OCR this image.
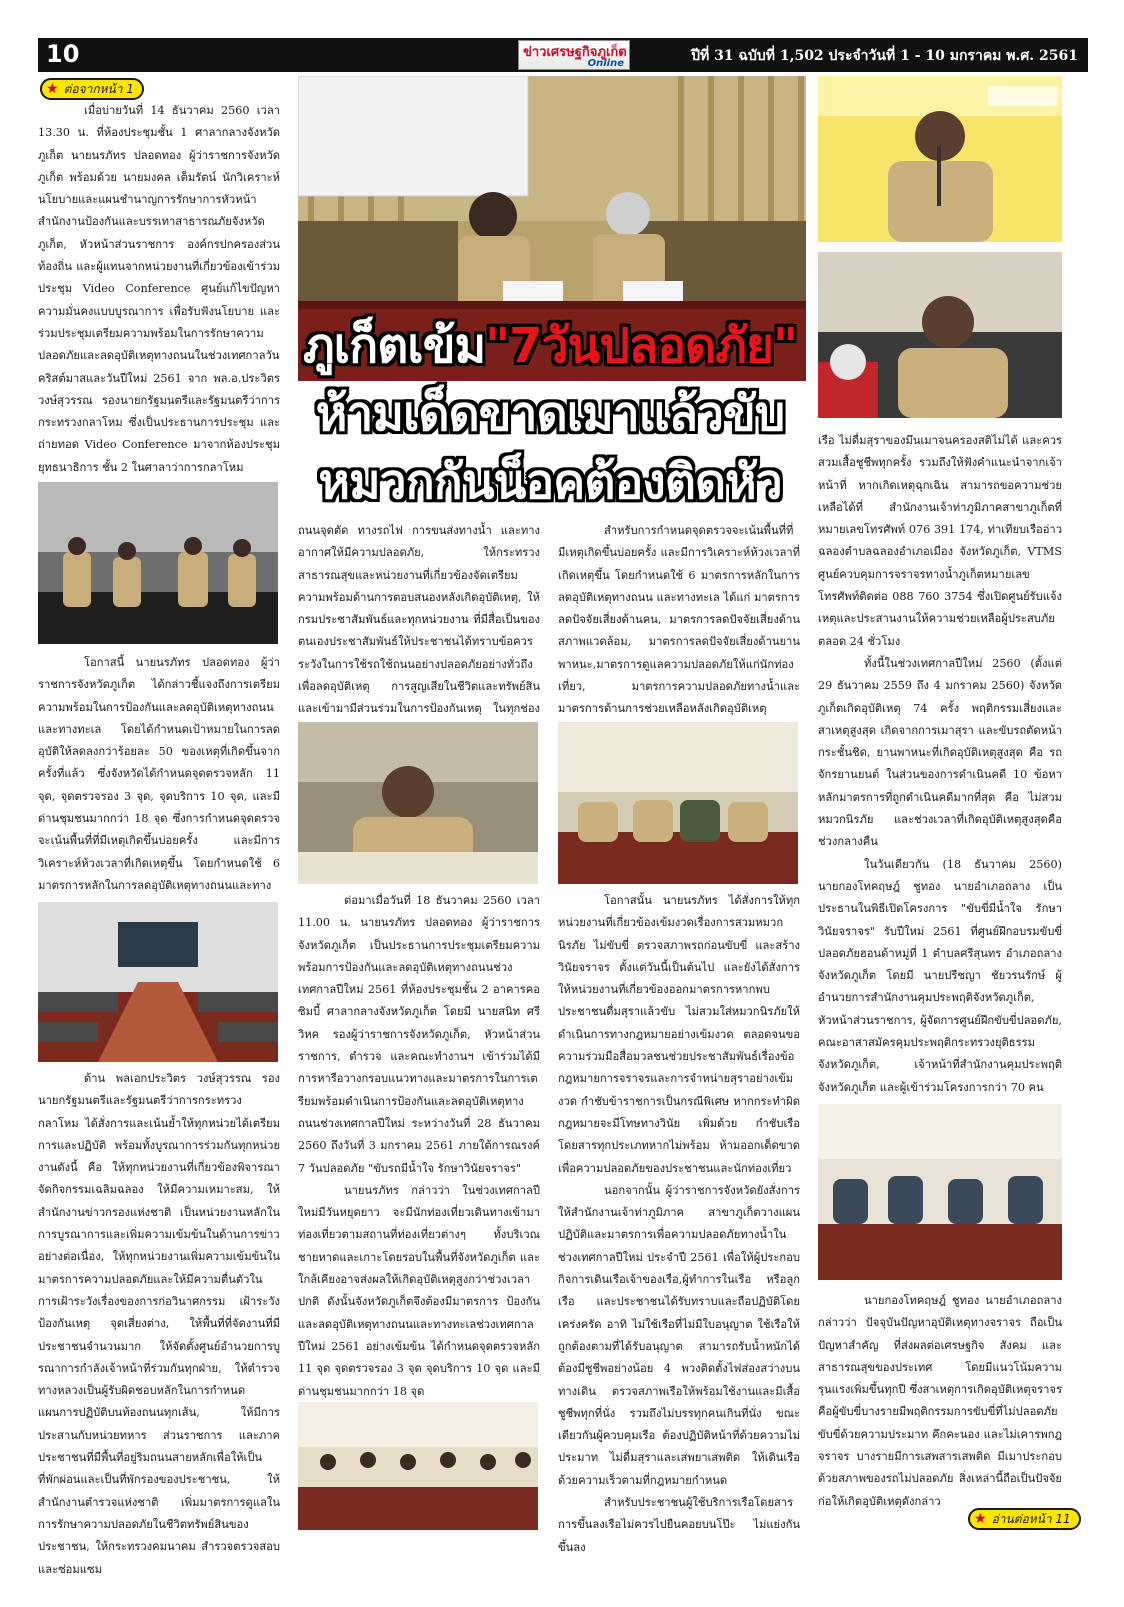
10	ข่าวเศรษฐกิจภูเก็ต
Online	ปีที่ 31 ฉบับที่ 1,502 ประจำวันที่ 1 - 10 มกราคม พ.ศ. 2561
★ ต่อจากหน้า 1
ภูเก็ตเข้ม"7วันปลอดภัย"
ห้ามเด็ดขาดเมาแล้วขับ
หมวกกันน็อคต้องติดหัว

เมื่อบ่ายวันที่ 14 ธันวาคม 2560 เวลา 13.30 น. ที่ห้องประชุมชั้น 1 ศาลากลางจังหวัดภูเก็ต นายนรภัทร ปลอดทอง ผู้ว่าราชการจังหวัดภูเก็ต พร้อมด้วย นายมงคล เต็มรัตน์ นักวิเคราะห์ นโยบายและแผนชำนาญการรักษาการหัวหน้า สำนักงานป้องกันและบรรเทาสาธารณภัยจังหวัดภูเก็ต, หัวหน้าส่วนราชการ องค์กรปกครองส่วนท้องถิ่น และผู้แทนจากหน่วยงานที่เกี่ยวข้องเข้าร่วมประชุม Video Conference ศูนย์แก้ไขปัญหาความมั่นคงแบบบูรณาการ เพื่อรับฟังนโยบาย และร่วมประชุมเตรียมความพร้อมในการรักษาความปลอดภัยและลดอุบัติเหตุทางถนนในช่วงเทศกาลวันคริสต์มาสและวันปีใหม่ 2561 จาก พล.อ.ประวิตร วงษ์สุวรรณ รองนายกรัฐมนตรีและรัฐมนตรีว่าการกระทรวงกลาโหม ซึ่งเป็นประธานการประชุม และถ่ายทอด Video Conference มาจากห้องประชุมยุทธนาธิการ ชั้น 2 ในศาลาว่าการกลาโหม

โอกาสนี้ นายนรภัทร ปลอดทอง ผู้ว่าราชการจังหวัดภูเก็ต ได้กล่าวชี้แจงถึงการเตรียมความพร้อมในการป้องกันและลดอุบัติเหตุทางถนนและทางทะเล โดยได้กำหนดเป้าหมายในการลดอุบัติให้ลดลงกว่าร้อยละ 50 ของเหตุที่เกิดขึ้นจากครั้งที่แล้ว ซึ่งจังหวัดได้กำหนดจุดตรวจหลัก 11 จุด, จุดตรวจรอง 3 จุด, จุดบริการ 10 จุด, และมีด่านชุมชนมากกว่า 18 จุด ซึ่งการกำหนดจุดตรวจ จะเน้นพื้นที่ที่มีเหตุเกิดขึ้นบ่อยครั้ง และมีการ วิเคราะห์ห้วงเวลาที่เกิดเหตุขึ้น โดยกำหนดใช้ 6 มาตรการหลักในการลดอุบัติเหตุทางถนนและทาง

ด้าน พลเอกประวิตร วงษ์สุวรรณ รองนายกรัฐมนตรีและรัฐมนตรีว่าการกระทรวงกลาโหม ได้สั่งการและเน้นย้ำให้ทุกหน่วยได้เตรียมการและปฏิบัติ พร้อมทั้งบูรณาการร่วมกันทุกหน่วยงานดังนี้ คือ ให้ทุกหน่วยงานที่เกี่ยวข้องพิจารณาจัดกิจกรรมเฉลิมฉลอง ให้มีความเหมาะสม, ให้สำนักงานข่าวกรองแห่งชาติ เป็นหน่วยงานหลักในการบูรณาการและเพิ่มความเข้มข้นในด้านการข่าว อย่างต่อเนื่อง, ให้ทุกหน่วยงานเพิ่มความเข้มข้นในมาตรการความปลอดภัยและให้มีความตื่นตัวในการเฝ้าระวังเรื่องของการก่อวินาศกรรม เฝ้าระวังป้องกันเหตุ จุดเสี่ยงต่าง, ให้พื้นที่ที่จัดงานที่มีประชาชนจำนวนมาก ให้จัดตั้งศูนย์อำนวยการบูรณาการกำลังเจ้าหน้าที่ร่วมกันทุกฝ่าย, ให้ตำรวจทางหลวงเป็นผู้รับผิดชอบหลักในการกำหนดแผนการปฏิบัติบนท้องถนนทุกเส้น, ให้มีการประสานกับหน่วยทหาร ส่วนราชการ และภาคประชาชนที่มีพื้นที่อยู่ริมถนนสายหลักเพื่อให้เป็นที่พักผ่อนและเป็นที่พักรองของประชาชน, ให้สำนักงานตำรวจแห่งชาติ เพิ่มมาตรการดูแลในการรักษาความปลอดภัยในชีวิตทรัพย์สินของประชาชน, ให้กระทรวงคมนาคม สำรวจตรวจสอบและซ่อมแซม

ถนนจุดตัด ทางรถไฟ การขนส่งทางน้ำ และทางอากาศให้มีความปลอดภัย, ให้กระทรวงสาธารณสุขและหน่วยงานที่เกี่ยวข้องจัดเตรียมความพร้อมด้านการตอบสนองหลังเกิดอุบัติเหตุ, ให้กรมประชาสัมพันธ์และทุกหน่วยงาน ที่มีสื่อเป็นของตนเองประชาสัมพันธ์ให้ประชาชนได้ทราบข้อควรระวังในการใช้รถใช้ถนนอย่างปลอดภัยอย่างทั่วถึงเพื่อลดอุบัติเหตุ การสูญเสียในชีวิตและทรัพย์สินและเข้ามามีส่วนร่วมในการป้องกันเหตุ ในทุกช่อง

ต่อมาเมื่อวันที่ 18 ธันวาคม 2560 เวลา 11.00 น. นายนรภัทร ปลอดทอง ผู้ว่าราชการ จังหวัดภูเก็ต เป็นประธานการประชุมเตรียมความพร้อมการป้องกันและลดอุบัติเหตุทางถนนช่วงเทศกาลปีใหม่ 2561 ที่ห้องประชุมชั้น 2 อาคารคอซิมบี้ ศาลากลางจังหวัดภูเก็ต โดยมี นายสนิท ศรีวิหค รองผู้ว่าราชการจังหวัดภูเก็ต, หัวหน้าส่วนราชการ, ตำรวจ และคณะทำงานฯ เข้าร่วมได้มีการหารือวางกรอบแนวทางและมาตรการในการเตรียมพร้อมดำเนินการป้องกันและลดอุบัติเหตุทางถนนช่วงเทศกาลปีใหม่ ระหว่างวันที่ 28 ธันวาคม 2560 ถึงวันที่ 3 มกราคม 2561 ภายใต้การณรงค์ 7 วันปลอดภัย "ขับรถมีน้ำใจ รักษาวินัยจราจร"

นายนรภัทร กล่าวว่า ในช่วงเทศกาลปีใหม่มีวันหยุดยาว จะมีนักท่องเที่ยวเดินทางเข้ามาท่องเที่ยวตามสถานที่ท่องเที่ยวต่างๆ ทั้งบริเวณชายหาดและเกาะโดยรอบในพื้นที่จังหวัดภูเก็ต และใกล้เคียงอาจส่งผลให้เกิดอุบัติเหตุสูงกว่าช่วงเวลาปกติ ดังนั้นจังหวัดภูเก็ตจึงต้องมีมาตรการ ป้องกันและลดอุบัติเหตุทางถนนและทางทะเลช่วงเทศกาลปีใหม่ 2561 อย่างเข้มข้น ได้กำหนดจุดตรวจหลัก 11 จุด จุดตรวจรอง 3 จุด จุดบริการ 10 จุด และมีด่านชุมชนมากกว่า 18 จุด

สำหรับการกำหนดจุดตรวจจะเน้นพื้นที่ที่มีเหตุเกิดขึ้นบ่อยครั้ง และมีการวิเคราะห์ห้วงเวลาที่เกิดเหตุขึ้น โดยกำหนดใช้ 6 มาตรการหลักในการลดอุบัติเหตุทางถนน และทางทะเล ได้แก่ มาตรการลดปัจจัยเสี่ยงด้านคน, มาตรการลดปัจจัยเสี่ยงด้านสภาพแวดล้อม, มาตรการลดปัจจัยเสี่ยงด้านยานพาหนะ,มาตรการดูแลความปลอดภัยให้แก่นักท่องเที่ยว, มาตรการความปลอดภัยทางน้ำและมาตรการด้านการช่วยเหลือหลังเกิดอุบัติเหตุ

โอกาสนั้น นายนรภัทร ได้สั่งการให้ทุกหน่วยงานที่เกี่ยวข้องเข้มงวดเรื่องการสวมหมวกนิรภัย ไม่ขับขี่ ตรวจสภาพรถก่อนขับขี่ และสร้างวินัยจราจร ตั้งแต่วันนี้เป็นต้นไป และยังได้สั่งการให้หน่วยงานที่เกี่ยวข้องออกมาตรการหากพบประชาชนดื่มสุราแล้วขับ ไม่สวมใส่หมวกนิรภัยให้ดำเนินการทางกฎหมายอย่างเข้มงวด ตลอดจนขอความร่วมมือสื่อมวลชนช่วยประชาสัมพันธ์เรื่องข้อกฎหมายการจราจรและการจำหน่ายสุราอย่างเข้มงวด กำชับข้าราชการเป็นกรณีพิเศษ หากกระทำผิดกฎหมายจะมีโทษทางวินัย เพิ่มด้วย กำชับเรือโดยสารทุกประเภทหากไม่พร้อม ห้ามออกเด็ดขาด เพื่อความปลอดภัยของประชาชนและนักท่องเที่ยว

นอกจากนั้น ผู้ว่าราชการจังหวัดยังสั่งการให้สำนักงานเจ้าท่าภูมิภาค สาขาภูเก็ตวางแผนปฏิบัติและมาตรการเพื่อความปลอดภัยทางน้ำในช่วงเทศกาลปีใหม่ ประจำปี 2561 เพื่อให้ผู้ประกอบกิจการเดินเรือเจ้าของเรือ,ผู้ทำการในเรือ หรือลูกเรือ และประชาชนได้รับทราบและถือปฏิบัติโดยเคร่งครัด อาทิ ไม่ใช้เรือที่ไม่มีใบอนุญาต ใช้เรือให้ถูกต้องตามที่ได้รับอนุญาต สามารถรับน้ำหนักได้ ต้องมีชูชีพอย่างน้อย 4 พวงติดตั้งไฟส่องสว่างบนทางเดิน ตรวจสภาพเรือให้พร้อมใช้งานและมีเสื้อชูชีพทุกที่นั่ง รวมถึงไม่บรรทุกคนเกินที่นั่ง ขณะเดียวกันผู้ควบคุมเรือ ต้องปฏิบัติหน้าที่ด้วยความไม่ประมาท ไม่ดื่มสุราและเสพยาเสพติด ให้เดินเรือด้วยความเร็วตามที่กฎหมายกำหนด

สำหรับประชาชนผู้ใช้บริการเรือโดยสารการขึ้นลงเรือไม่ควรไปยืนคอยบนโป๊ะ ไม่แย่งกันขึ้นลง

เรือ ไม่ดื่มสุราของมึนเมาจนครองสติไม่ได้ และควรสวมเสื้อชูชีพทุกครั้ง รวมถึงให้ฟังคำแนะนำจากเจ้าหน้าที่ หากเกิดเหตุฉุกเฉิน สามารถขอความช่วยเหลือได้ที่ สำนักงานเจ้าท่าภูมิภาคสาขาภูเก็ตที่หมายเลขโทรศัพท์ 076 391 174, ท่าเทียบเรืออ่าวฉลองตำบลฉลองอำเภอเมือง จังหวัดภูเก็ต, VTMS ศูนย์ควบคุมการจราจรทางน้ำภูเก็ตหมายเลขโทรศัพท์ติดต่อ 088 760 3754 ซึ่งเปิดศูนย์รับแจ้งเหตุและประสานงานให้ความช่วยเหลือผู้ประสบภัยตลอด 24 ชั่วโมง

ทั้งนี้ในช่วงเทศกาลปีใหม่ 2560 (ตั้งแต่ 29 ธันวาคม 2559 ถึง 4 มกราคม 2560) จังหวัดภูเก็ตเกิดอุบัติเหตุ 74 ครั้ง พฤติกรรมเสี่ยงและสาเหตุสูงสุด เกิดจากการเมาสุรา และขับรถตัดหน้ากระชั้นชิด, ยานพาหนะที่เกิดอุบัติเหตุสูงสุด คือ รถจักรยานยนต์ ในส่วนของการดำเนินคดี 10 ข้อหาหลักมาตรการที่ถูกดำเนินคดีมากที่สุด คือ ไม่สวมหมวกนิรภัย และช่วงเวลาที่เกิดอุบัติเหตุสูงสุดคือช่วงกลางคืน

ในวันเดียวกัน (18 ธันวาคม 2560) นายกองโทคฤษฎ์ ชูทอง นายอำเภอถลาง เป็นประธานในพิธีเปิดโครงการ "ขับขี่มีน้ำใจ รักษาวินัยจราจร" รับปีใหม่ 2561 ที่ศูนย์ฝึกอบรมขับขี่ปลอดภัยฮอนด้าหมู่ที่ 1 ตำบลศรีสุนทร อำเภอถลาง จังหวัดภูเก็ต โดยมี นายปรีชญา ชัยวรนรักษ์ ผู้อำนวยการสำนักงานคุมประพฤติจังหวัดภูเก็ต, หัวหน้าส่วนราชการ, ผู้จัดการศูนย์ฝึกขับขี่ปลอดภัย, คณะอาสาสมัครคุมประพฤติกระทรวงยุติธรรมจังหวัดภูเก็ต, เจ้าหน้าที่สำนักงานคุมประพฤติจังหวัดภูเก็ต และผู้เข้าร่วมโครงการกว่า 70 คน

นายกองโทคฤษฎ์ ชูทอง นายอำเภอถลาง กล่าวว่า ปัจจุบันปัญหาอุบัติเหตุทางจราจร ถือเป็นปัญหาสำคัญ ที่ส่งผลต่อเศรษฐกิจ สังคม และสาธารณสุขของประเทศ โดยมีแนวโน้มความรุนแรงเพิ่มขึ้นทุกปี ซึ่งสาเหตุการเกิดอุบัติเหตุจราจรคือผู้ขับขี่บางรายมีพฤติกรรมการขับขี่ที่ไม่ปลอดภัย ขับขี่ด้วยความประมาท คึกคะนอง และไม่เคารพกฎจราจร บางรายมีการเสพสารเสพติด มีเมาประกอบ ด้วยสภาพของรถไม่ปลอดภัย สิ่งเหล่านี้ถือเป็นปัจจัยก่อให้เกิดอุบัติเหตุดังกล่าว

★ อ่านต่อหน้า 11
